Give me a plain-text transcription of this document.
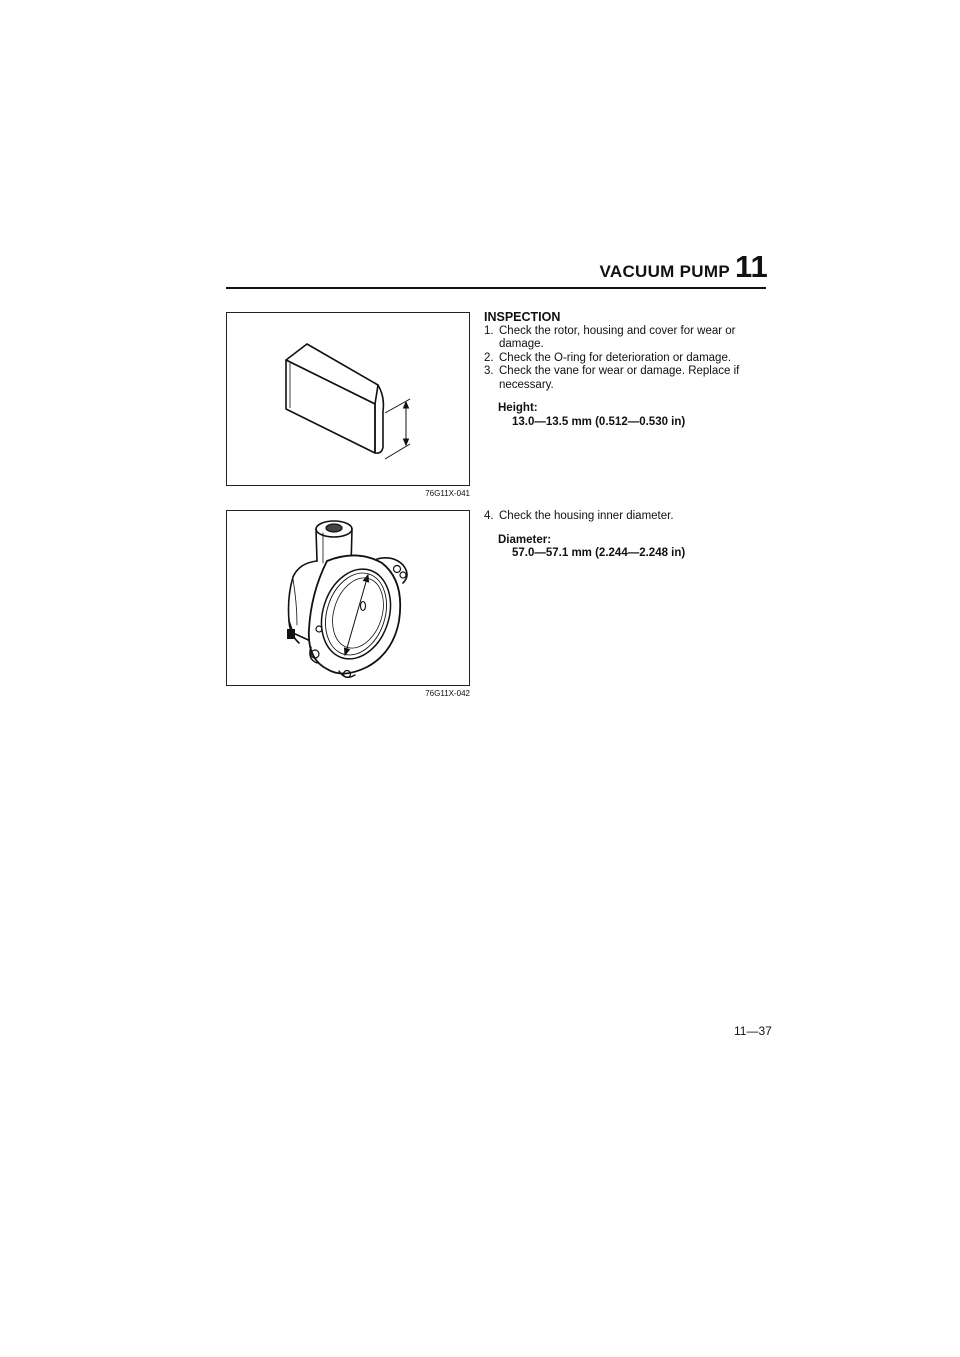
VACUUM PUMP 11
76G11X-041
76G11X-042
INSPECTION
1. Check the rotor, housing and cover for wear or damage.
2. Check the O-ring for deterioration or damage.
3. Check the vane for wear or damage. Replace if necessary.
Height:
13.0—13.5 mm (0.512—0.530 in)
4. Check the housing inner diameter.
Diameter:
57.0—57.1 mm (2.244—2.248 in)
11—37
